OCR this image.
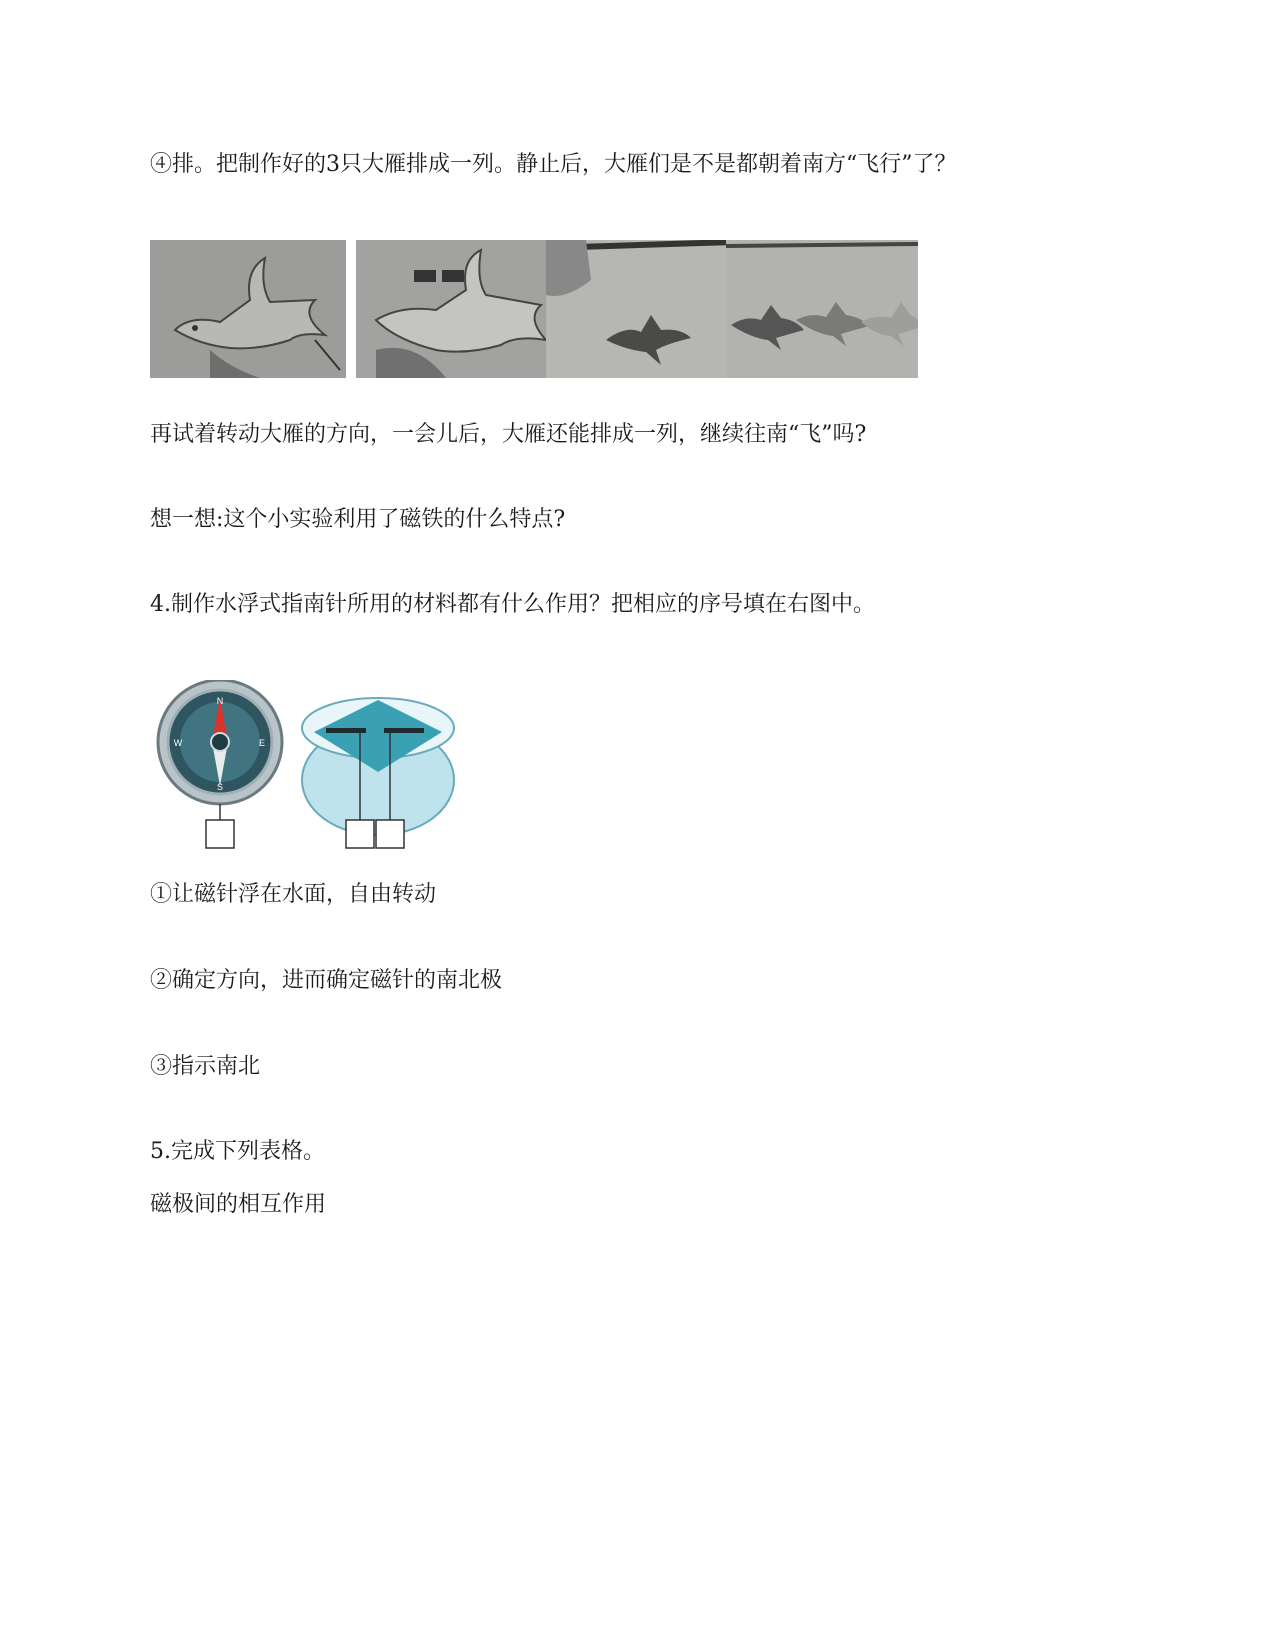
④排。把制作好的3只大雁排成一列。静止后，大雁们是不是都朝着南方“飞行”了？
再试着转动大雁的方向，一会儿后，大雁还能排成一列，继续往南“飞”吗?
想一想:这个小实验利用了磁铁的什么特点?
4.制作水浮式指南针所用的材料都有什么作用？把相应的序号填在右图中。
N
S
E
W
①让磁针浮在水面，自由转动
②确定方向，进而确定磁针的南北极
③指示南北
5.完成下列表格。
磁极间的相互作用
